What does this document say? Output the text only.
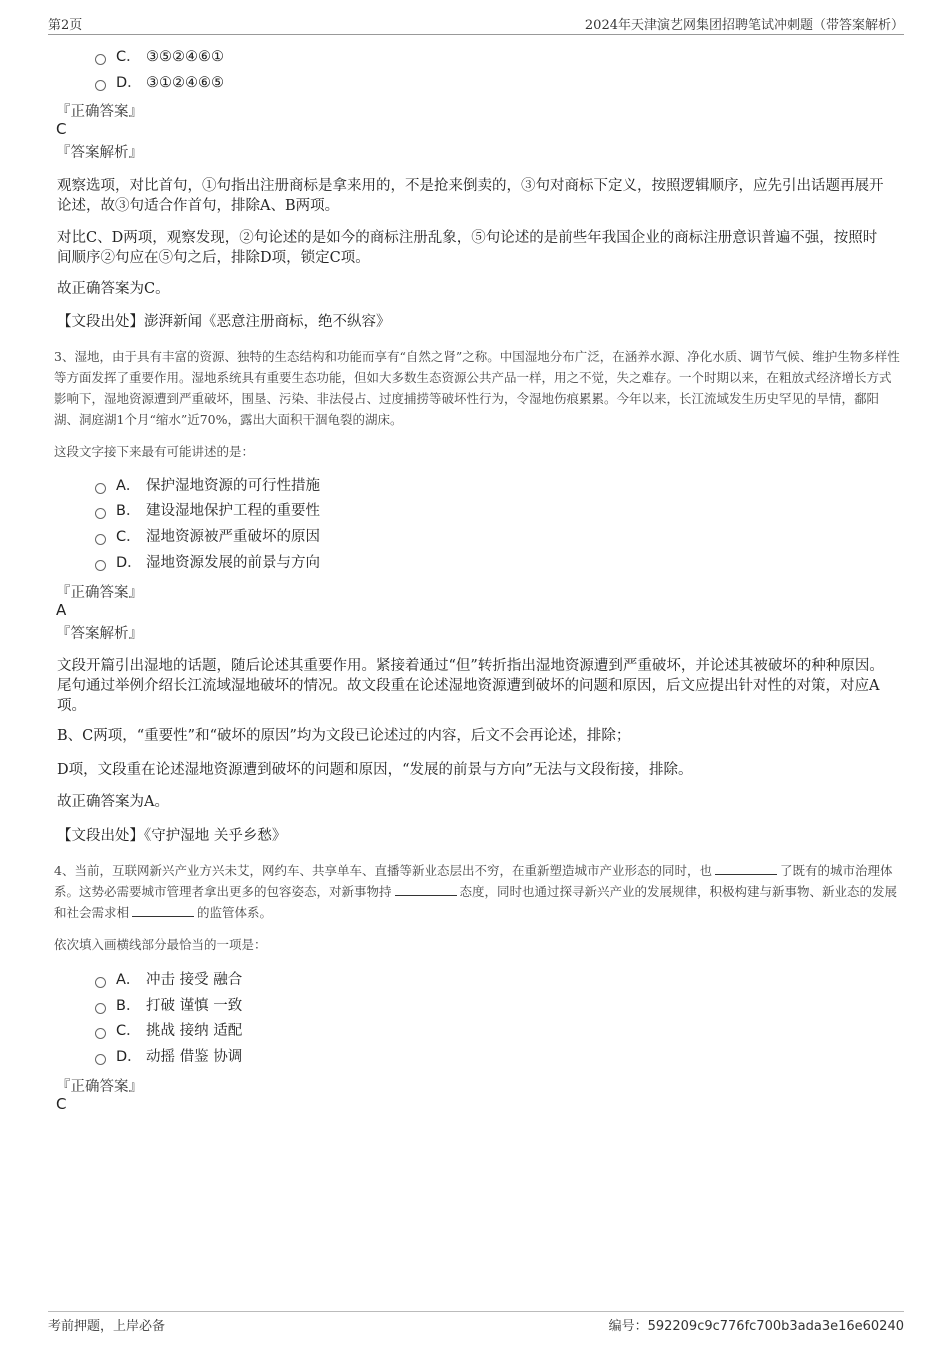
第2页	2024年天津演艺网集团招聘笔试冲刺题（带答案解析）
C． ③⑤②④⑥①
D． ③①②④⑥⑤
『正确答案』
C
『答案解析』
观察选项，对比首句，①句指出注册商标是拿来用的，不是抢来倒卖的，③句对商标下定义，按照逻辑顺序，应先引出话题再展开论述，故③句适合作首句，排除A、B两项。
对比C、D两项，观察发现，②句论述的是如今的商标注册乱象，⑤句论述的是前些年我国企业的商标注册意识普遍不强，按照时间顺序②句应在⑤句之后，排除D项，锁定C项。
故正确答案为C。
【文段出处】澎湃新闻《恶意注册商标，绝不纵容》
3、湿地，由于具有丰富的资源、独特的生态结构和功能而享有“自然之肾”之称。中国湿地分布广泛，在涵养水源、净化水质、调节气候、维护生物多样性等方面发挥了重要作用。湿地系统具有重要生态功能，但如大多数生态资源公共产品一样，用之不觉，失之难存。一个时期以来，在粗放式经济增长方式影响下，湿地资源遭到严重破坏，围垦、污染、非法侵占、过度捕捞等破坏性行为，令湿地伤痕累累。今年以来，长江流域发生历史罕见的旱情，鄱阳湖、洞庭湖1个月“缩水”近70%，露出大面积干涸龟裂的湖床。
这段文字接下来最有可能讲述的是：
A． 保护湿地资源的可行性措施
B． 建设湿地保护工程的重要性
C． 湿地资源被严重破坏的原因
D． 湿地资源发展的前景与方向
『正确答案』
A
『答案解析』
文段开篇引出湿地的话题，随后论述其重要作用。紧接着通过“但”转折指出湿地资源遭到严重破坏，并论述其被破坏的种种原因。尾句通过举例介绍长江流域湿地破坏的情况。故文段重在论述湿地资源遭到破坏的问题和原因，后文应提出针对性的对策，对应A项。
B、C两项，“重要性”和“破坏的原因”均为文段已论述过的内容，后文不会再论述，排除；
D项，文段重在论述湿地资源遭到破坏的问题和原因，“发展的前景与方向”无法与文段衔接，排除。
故正确答案为A。
【文段出处】《守护湿地 关乎乡愁》
4、当前，互联网新兴产业方兴未艾，网约车、共享单车、直播等新业态层出不穷，在重新塑造城市产业形态的同时，也	了既有的城市治理体系。这势必需要城市管理者拿出更多的包容姿态，对新事物持	态度，同时也通过探寻新兴产业的发展规律，积极构建与新事物、新业态的发展和社会需求相	的监管体系。
依次填入画横线部分最恰当的一项是：
A． 冲击 接受 融合
B． 打破 谨慎 一致
C． 挑战 接纳 适配
D． 动摇 借鉴 协调
『正确答案』
C
考前押题，上岸必备	编号：592209c9c776fc700b3ada3e16e60240
